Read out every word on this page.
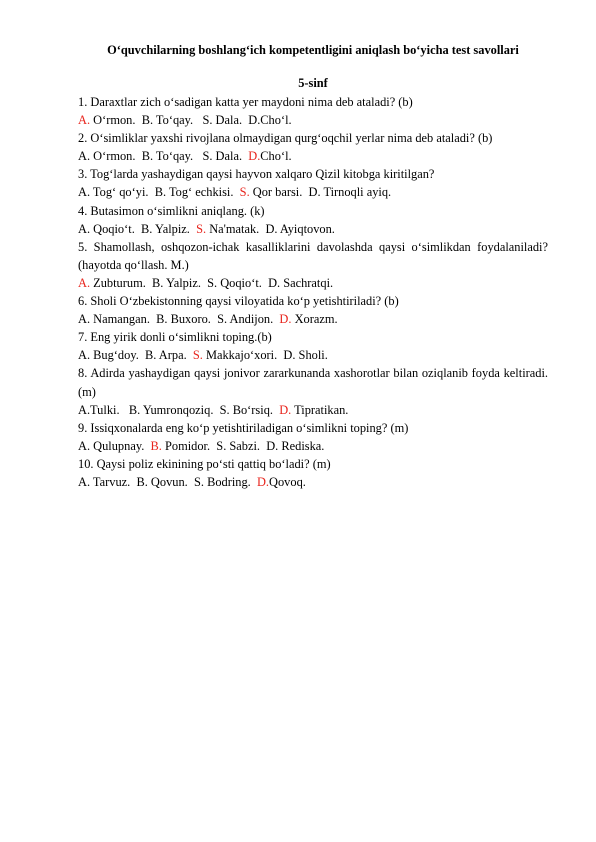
O‘quvchilarning boshlang‘ich kompetentligini aniqlash bo‘yicha test savollari
5-sinf
1. Daraxtlar zich o‘sadigan katta yer maydoni nima deb ataladi? (b)
A. O‘rmon. B. To‘qay. S. Dala. D.Cho‘l.
2. O‘simliklar yaxshi rivojlana olmaydigan qurg‘oqchil yerlar nima deb ataladi? (b)
A. O‘rmon. B. To‘qay. S. Dala. D.Cho‘l.
3. Tog‘larda yashaydigan qaysi hayvon xalqaro Qizil kitobga kiritilgan?
A. Tog‘ qo‘yi. B. Tog‘ echkisi. S. Qor barsi. D. Tirnoqli ayiq.
4. Butasimon o‘simlikni aniqlang. (k)
A. Qoqio‘t. B. Yalpiz. S. Na'matak. D. Ayiqtovon.
5. Shamollash, oshqozon-ichak kasalliklarini davolashda qaysi o‘simlikdan foydalaniladi? (hayotda qo‘llash. M.)
A. Zubturum. B. Yalpiz. S. Qoqio‘t. D. Sachratqi.
6. Sholi O‘zbekistonning qaysi viloyatida ko‘p yetishtiriladi? (b)
A. Namangan. B. Buxoro. S. Andijon. D. Xorazm.
7. Eng yirik donli o‘simlikni toping.(b)
A. Bug‘doy. B. Arpa. S. Makkajo‘xori. D. Sholi.
8. Adirda yashaydigan qaysi jonivor zararkunanda xashorotlar bilan oziqlanib foyda keltiradi.(m)
A.Tulki. B. Yumronqoziq. S. Bo‘rsiq. D. Tipratikan.
9. Issiqxonalarda eng ko‘p yetishtiriladigan o‘simlikni toping? (m)
A. Qulupnay. B. Pomidor. S. Sabzi. D. Rediska.
10. Qaysi poliz ekinining po‘sti qattiq bo‘ladi? (m)
A. Tarvuz. B. Qovun. S. Bodring. D.Qovoq.
